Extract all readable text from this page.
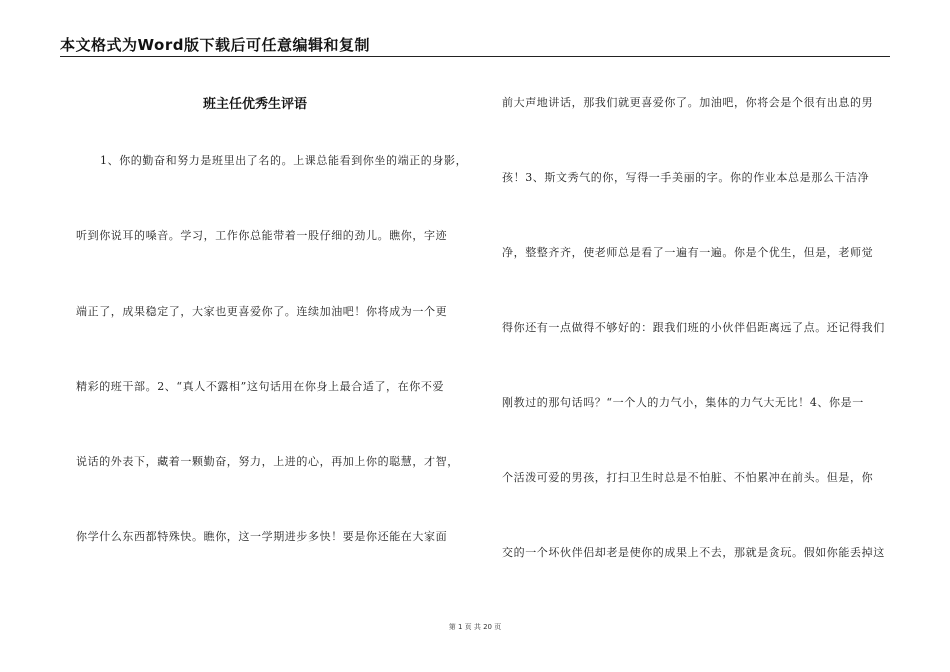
本文格式为Word版下载后可任意编辑和复制
班主任优秀生评语
1、你的勤奋和努力是班里出了名的。上课总能看到你坐的端正的身影，
听到你说耳的嗓音。学习，工作你总能带着一股仔细的劲儿。瞧你，字迹
端正了，成果稳定了，大家也更喜爱你了。连续加油吧！你将成为一个更
精彩的班干部。2、“真人不露相”这句话用在你身上最合适了，在你不爱
说话的外表下，藏着一颗勤奋，努力，上进的心，再加上你的聪慧，才智，
你学什么东西都特殊快。瞧你，这一学期进步多快！要是你还能在大家面
前大声地讲话，那我们就更喜爱你了。加油吧，你将会是个很有出息的男
孩！3、斯文秀气的你，写得一手美丽的字。你的作业本总是那么干洁净
净，整整齐齐，使老师总是看了一遍有一遍。你是个优生，但是，老师觉
得你还有一点做得不够好的：跟我们班的小伙伴侣距离远了点。还记得我们
刚教过的那句话吗？“一个人的力气小，集体的力气大无比！4、你是一
个活泼可爱的男孩，打扫卫生时总是不怕脏、不怕累冲在前头。但是，你
交的一个坏伙伴侣却老是使你的成果上不去，那就是贪玩。假如你能丢掉这
第 1 页 共 20 页
